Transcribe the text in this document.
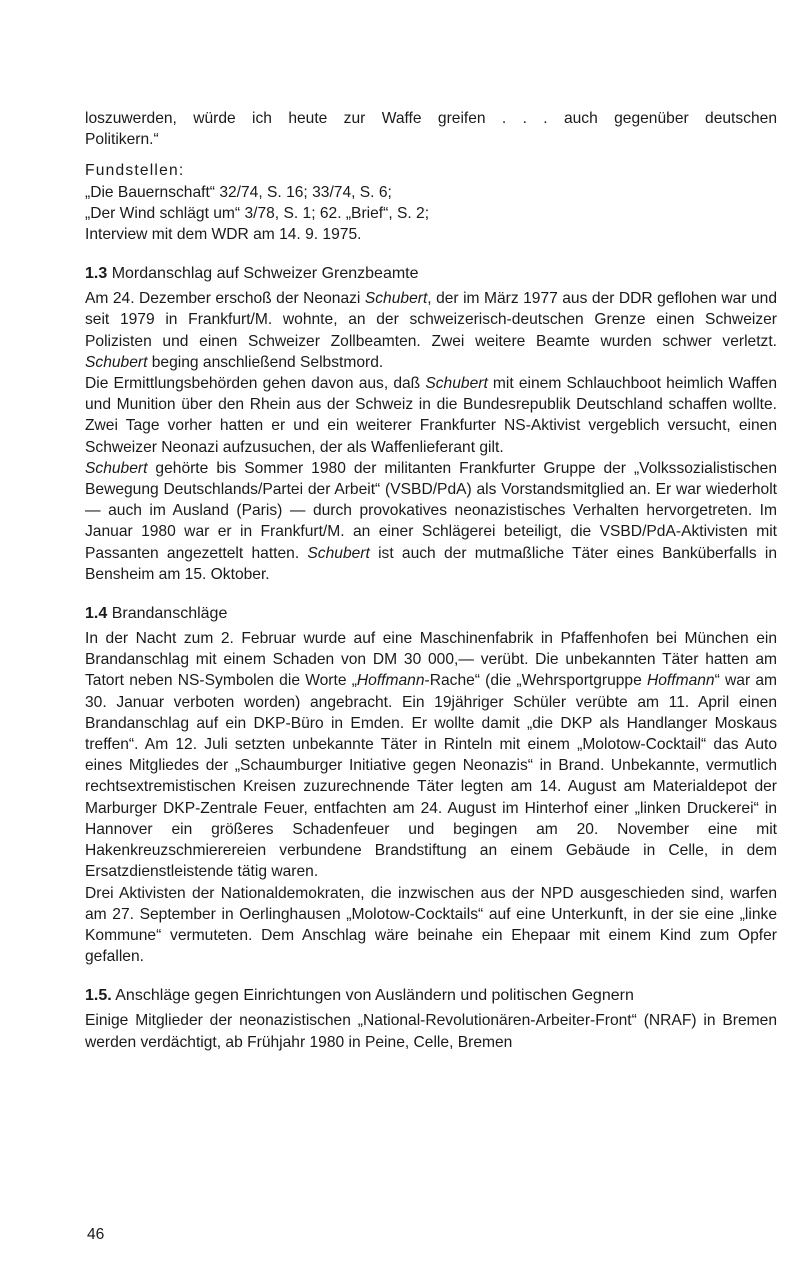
loszuwerden, würde ich heute zur Waffe greifen . . . auch gegenüber deutschen
Politikern.“

Fundstellen:
„Die Bauernschaft“ 32/74, S. 16; 33/74, S. 6;
„Der Wind schlägt um“ 3/78, S. 1; 62. „Brief“, S. 2;
Interview mit dem WDR am 14. 9. 1975.

1.3 Mordanschlag auf Schweizer Grenzbeamte

Am 24. Dezember erschoß der Neonazi Schubert, der im März 1977 aus der DDR geflohen war und seit 1979 in Frankfurt/M. wohnte, an der schweizerisch-deutschen Grenze einen Schweizer Polizisten und einen Schweizer Zollbeamten. Zwei weitere Beamte wurden schwer verletzt. Schubert beging anschließend Selbstmord.

Die Ermittlungsbehörden gehen davon aus, daß Schubert mit einem Schlauchboot heimlich Waffen und Munition über den Rhein aus der Schweiz in die Bundesrepublik Deutschland schaffen wollte. Zwei Tage vorher hatten er und ein weiterer Frankfurter NS-Aktivist vergeblich versucht, einen Schweizer Neonazi aufzusuchen, der als Waffenlieferant gilt.

Schubert gehörte bis Sommer 1980 der militanten Frankfurter Gruppe der „Volkssozialistischen Bewegung Deutschlands/Partei der Arbeit“ (VSBD/PdA) als Vorstandsmitglied an. Er war wiederholt — auch im Ausland (Paris) — durch provokatives neonazistisches Verhalten hervorgetreten. Im Januar 1980 war er in Frankfurt/M. an einer Schlägerei beteiligt, die VSBD/PdA-Aktivisten mit Passanten angezettelt hatten. Schubert ist auch der mutmaßliche Täter eines Banküberfalls in Bensheim am 15. Oktober.

1.4 Brandanschläge

In der Nacht zum 2. Februar wurde auf eine Maschinenfabrik in Pfaffenhofen bei München ein Brandanschlag mit einem Schaden von DM 30 000,— verübt. Die unbekannten Täter hatten am Tatort neben NS-Symbolen die Worte „Hoffmann-Rache“ (die „Wehrsportgruppe Hoffmann“ war am 30. Januar verboten worden) angebracht. Ein 19jähriger Schüler verübte am 11. April einen Brandanschlag auf ein DKP-Büro in Emden. Er wollte damit „die DKP als Handlanger Moskaus treffen“. Am 12. Juli setzten unbekannte Täter in Rinteln mit einem „Molotow-Cocktail“ das Auto eines Mitgliedes der „Schaumburger Initiative gegen Neonazis“ in Brand. Unbekannte, vermutlich rechtsextremistischen Kreisen zuzurechnende Täter legten am 14. August am Materialdepot der Marburger DKP-Zentrale Feuer, entfachten am 24. August im Hinterhof einer „linken Druckerei“ in Hannover ein größeres Schadenfeuer und begingen am 20. November eine mit Hakenkreuzschmierereien verbundene Brandstiftung an einem Gebäude in Celle, in dem Ersatzdienstleistende tätig waren.

Drei Aktivisten der Nationaldemokraten, die inzwischen aus der NPD ausgeschieden sind, warfen am 27. September in Oerlinghausen „Molotow-Cocktails“ auf eine Unterkunft, in der sie eine „linke Kommune“ vermuteten. Dem Anschlag wäre beinahe ein Ehepaar mit einem Kind zum Opfer gefallen.

1.5. Anschläge gegen Einrichtungen von Ausländern und politischen Gegnern

Einige Mitglieder der neonazistischen „National-Revolutionären-Arbeiter-Front“ (NRAF) in Bremen werden verdächtigt, ab Frühjahr 1980 in Peine, Celle, Bremen

46
